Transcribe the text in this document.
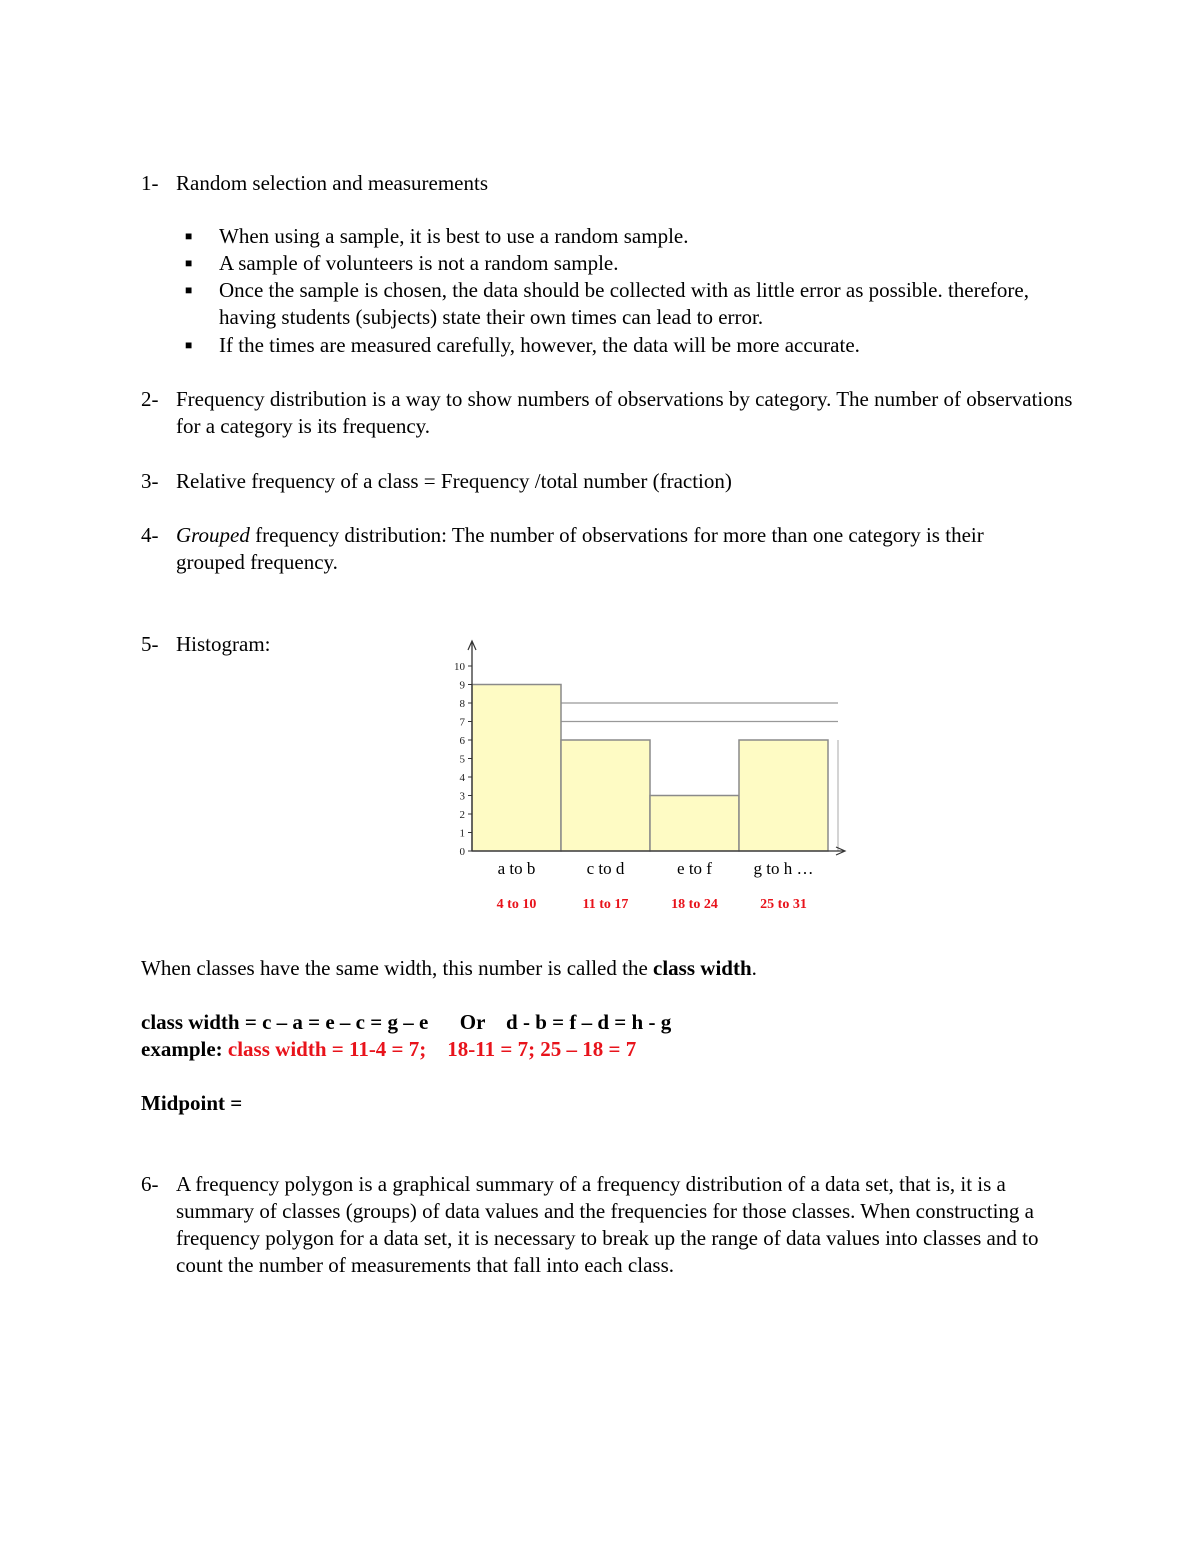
1- Random selection and measurements
■ When using a sample, it is best to use a random sample.
■ A sample of volunteers is not a random sample.
■ Once the sample is chosen, the data should be collected with as little error as possible. therefore, having students (subjects) state their own times can lead to error.
■ If the times are measured carefully, however, the data will be more accurate.
2- Frequency distribution is a way to show numbers of observations by category. The number of observations for a category is its frequency.
3- Relative frequency of a class = Frequency /total number (fraction)
4- Grouped frequency distribution: The number of observations for more than one category is their grouped frequency.
5- Histogram:
0
1
2
3
4
5
6
7
8
9
10
a to b
4 to 10
c to d
11 to 17
e to f
18 to 24
g to h …
25 to 31
When classes have the same width, this number is called the class width.
class width = c – a = e – c = g – e      Or    d - b = f – d = h - g
example: class width = 11-4 = 7;    18-11 = 7; 25 – 18 = 7
Midpoint =
6- A frequency polygon is a graphical summary of a frequency distribution of a data set, that is, it is a summary of classes (groups) of data values and the frequencies for those classes. When constructing a frequency polygon for a data set, it is necessary to break up the range of data values into classes and to count the number of measurements that fall into each class.
